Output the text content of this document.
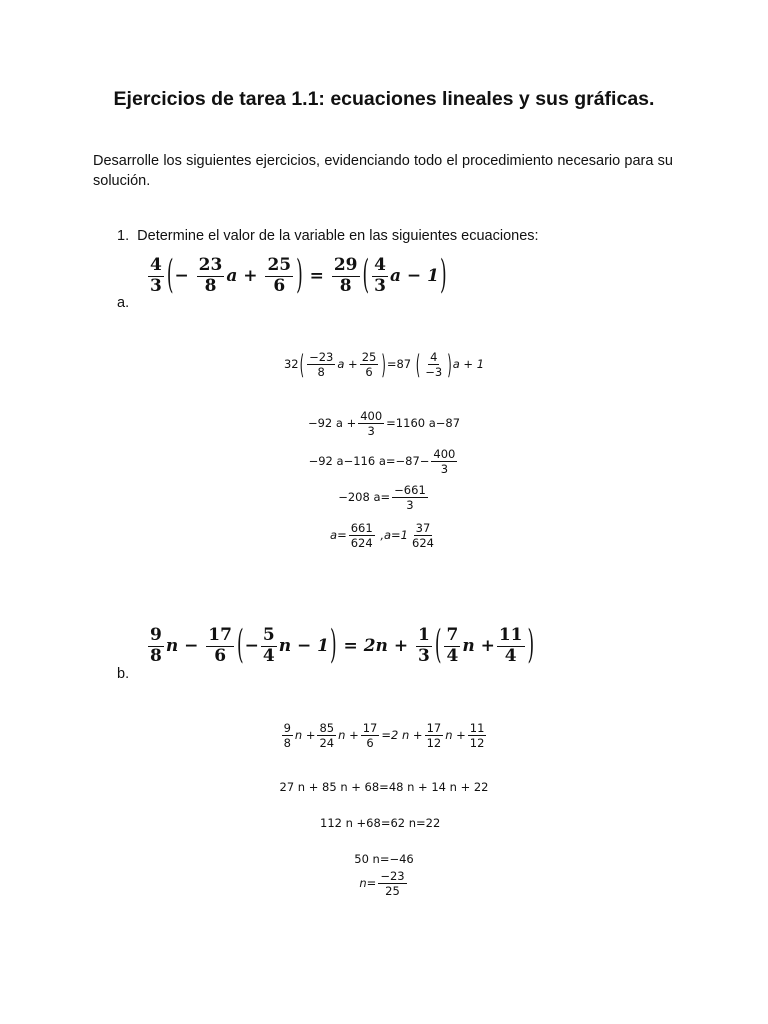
Ejercicios de tarea 1.1: ecuaciones lineales y sus gráficas.
Desarrolle los siguientes ejercicios, evidenciando todo el procedimiento necesario para su solución.
1. Determine el valor de la variable en las siguientes ecuaciones:
a.
$\frac{4}{3}$ (− $\frac{23}{8}$ $a + \frac{25}{6}$ ) = $\frac{29}{8}$ ( $\frac{4}{3}$ a − 1)
$32( \frac{-23}{8}$ $a + \frac{25}{6} )=87$ ( $\frac{4}{-3} )a + 1$
−92 $a + \frac{400}{3} =1160$ a−87
−92 a−116 $a=-87- \frac{400}{3}$
−208 $a= \frac{-661}{3}$
$a= \frac{661}{624} ,a=1 \frac{37}{624}$
b.
$\frac{9}{8}$ $n - \frac{17}{6}$ (− $\frac{5}{4}$ $n - 1) = 2n + \frac{1}{3}$ ( $\frac{7}{4}$ $n + \frac{11}{4}$ )
$\frac{9}{8}$ $n + \frac{85}{24}$ $n + \frac{17}{6} =2$ $n + \frac{17}{12}$ $n + \frac{11}{12}$
27 n + 85 n + 68=48 n + 14 n + 22
112 n +68=62 n=22
50 n=−46
$n= \frac{-23}{25}$
